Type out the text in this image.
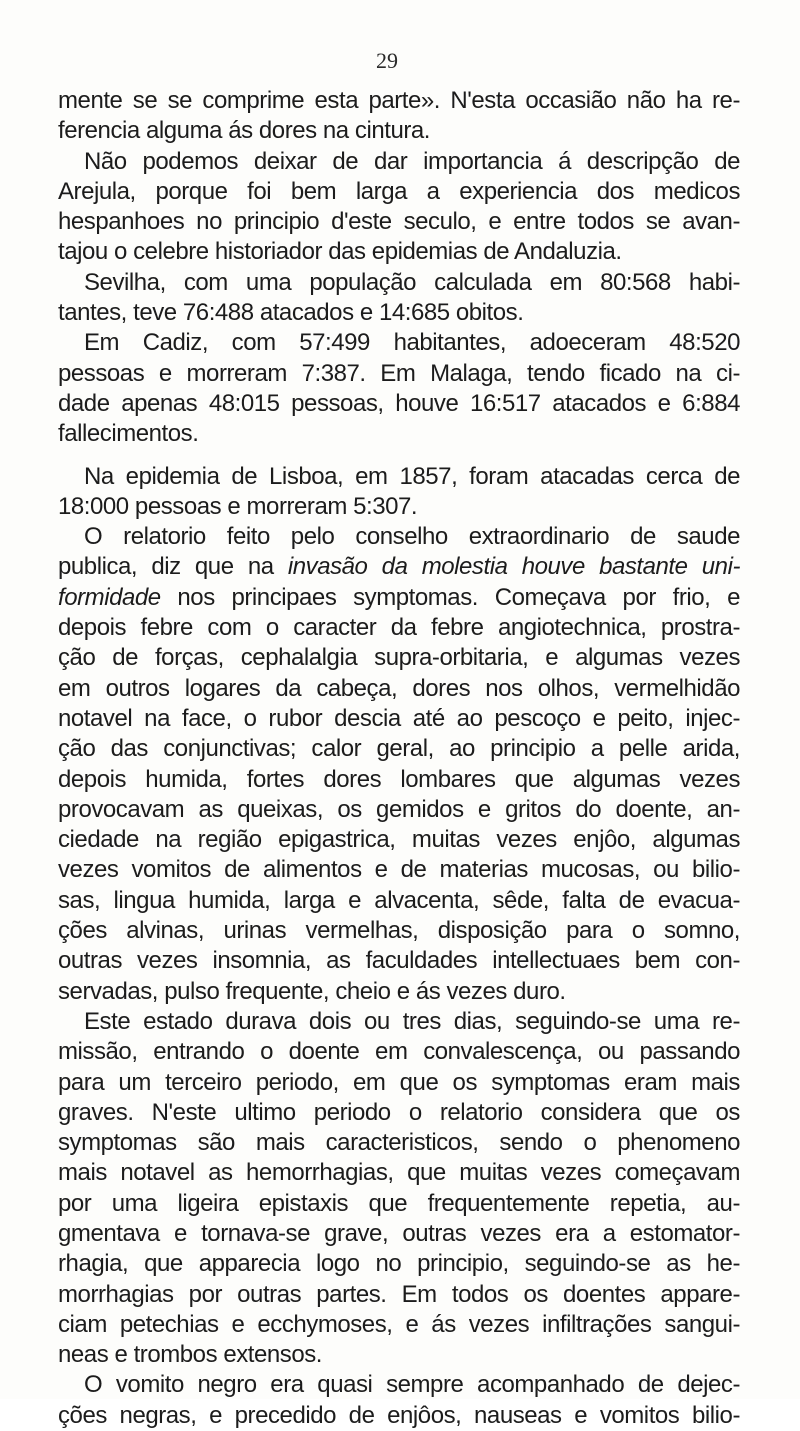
29
mente se se comprime esta parte». N'esta occasião não ha re-
ferencia alguma ás dores na cintura.
Não podemos deixar de dar importancia á descripção de
Arejula, porque foi bem larga a experiencia dos medicos
hespanhoes no principio d'este seculo, e entre todos se avan-
tajou o celebre historiador das epidemias de Andaluzia.
Sevilha, com uma população calculada em 80:568 habi-
tantes, teve 76:488 atacados e 14:685 obitos.
Em Cadiz, com 57:499 habitantes, adoeceram 48:520
pessoas e morreram 7:387. Em Malaga, tendo ficado na ci-
dade apenas 48:015 pessoas, houve 16:517 atacados e 6:884
fallecimentos.
Na epidemia de Lisboa, em 1857, foram atacadas cerca de
18:000 pessoas e morreram 5:307.
O relatorio feito pelo conselho extraordinario de saude
publica, diz que na invasão da molestia houve bastante uni-
formidade nos principaes symptomas. Começava por frio, e
depois febre com o caracter da febre angiotechnica, prostra-
ção de forças, cephalalgia supra-orbitaria, e algumas vezes
em outros logares da cabeça, dores nos olhos, vermelhidão
notavel na face, o rubor descia até ao pescoço e peito, injec-
ção das conjunctivas; calor geral, ao principio a pelle arida,
depois humida, fortes dores lombares que algumas vezes
provocavam as queixas, os gemidos e gritos do doente, an-
ciedade na região epigastrica, muitas vezes enjôo, algumas
vezes vomitos de alimentos e de materias mucosas, ou bilio-
sas, lingua humida, larga e alvacenta, sêde, falta de evacua-
ções alvinas, urinas vermelhas, disposição para o somno,
outras vezes insomnia, as faculdades intellectuaes bem con-
servadas, pulso frequente, cheio e ás vezes duro.
Este estado durava dois ou tres dias, seguindo-se uma re-
missão, entrando o doente em convalescença, ou passando
para um terceiro periodo, em que os symptomas eram mais
graves. N'este ultimo periodo o relatorio considera que os
symptomas são mais caracteristicos, sendo o phenomeno
mais notavel as hemorrhagias, que muitas vezes começavam
por uma ligeira epistaxis que frequentemente repetia, au-
gmentava e tornava-se grave, outras vezes era a estomator-
rhagia, que apparecia logo no principio, seguindo-se as he-
morrhagias por outras partes. Em todos os doentes appare-
ciam petechias e ecchymoses, e ás vezes infiltrações sangui-
neas e trombos extensos.
O vomito negro era quasi sempre acompanhado de dejec-
ções negras, e precedido de enjôos, nauseas e vomitos bilio-
